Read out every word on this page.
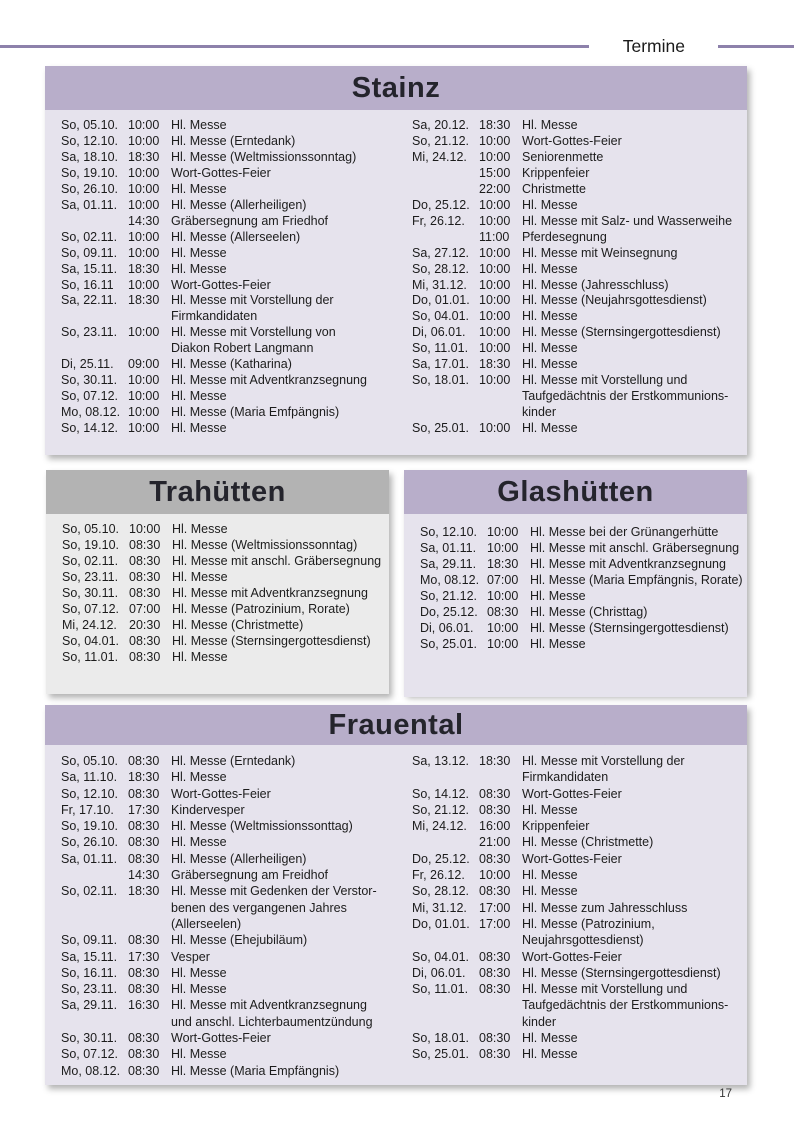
Termine
Stainz
So, 05.10. 10:00 Hl. Messe
So, 12.10. 10:00 Hl. Messe (Erntedank)
Sa, 18.10. 18:30 Hl. Messe (Weltmissionssonntag)
So, 19.10. 10:00 Wort-Gottes-Feier
So, 26.10. 10:00 Hl. Messe
Sa, 01.11. 10:00 Hl. Messe (Allerheiligen)
14:30 Gräbersegnung am Friedhof
So, 02.11. 10:00 Hl. Messe (Allerseelen)
So, 09.11. 10:00 Hl. Messe
Sa, 15.11. 18:30 Hl. Messe
So, 16.11	10:00 Wort-Gottes-Feier
Sa, 22.11. 18:30 Hl. Messe mit Vorstellung der
Firmkandidaten
So, 23.11. 10:00 Hl. Messe mit Vorstellung von
Diakon Robert Langmann
Di, 25.11.	09:00 Hl. Messe (Katharina)
So, 30.11. 10:00 Hl. Messe mit Adventkranzsegnung
So, 07.12. 10:00 Hl. Messe
Mo, 08.12. 10:00 Hl. Messe (Maria Emfpängnis)
So, 14.12. 10:00 Hl. Messe
Sa, 20.12. 18:30 Hl. Messe
So, 21.12. 10:00 Wort-Gottes-Feier
Mi, 24.12. 10:00 Seniorenmette
15:00 Krippenfeier
22:00 Christmette
Do, 25.12. 10:00 Hl. Messe
Fr, 26.12.	10:00 Hl. Messe mit Salz- und Wasserweihe
11:00	Pferdesegnung
Sa, 27.12. 10:00 Hl. Messe mit Weinsegnung
So, 28.12. 10:00 Hl. Messe
Mi, 31.12. 10:00 Hl. Messe (Jahresschluss)
Do, 01.01. 10:00 Hl. Messe (Neujahrsgottesdienst)
So, 04.01. 10:00 Hl. Messe
Di, 06.01.	10:00 Hl. Messe (Sternsingergottesdienst)
So, 11.01. 10:00 Hl. Messe
Sa, 17.01. 18:30 Hl. Messe
So, 18.01. 10:00 Hl. Messe mit Vorstellung und
Taufgedächtnis der Erstkommunions-
kinder
So, 25.01. 10:00 Hl. Messe
Trahütten
So, 05.10. 10:00 Hl. Messe
So, 19.10. 08:30 Hl. Messe (Weltmissionssonntag)
So, 02.11. 08:30 Hl. Messe mit anschl. Gräbersegnung
So, 23.11. 08:30 Hl. Messe
So, 30.11. 08:30 Hl. Messe mit Adventkranzsegnung
So, 07.12. 07:00 Hl. Messe (Patrozinium, Rorate)
Mi, 24.12. 20:30 Hl. Messe (Christmette)
So, 04.01. 08:30 Hl. Messe (Sternsingergottesdienst)
So, 11.01. 08:30 Hl. Messe
Glashütten
So, 12.10. 10:00 Hl. Messe bei der Grünangerhütte
Sa, 01.11. 10:00 Hl. Messe mit anschl. Gräbersegnung
Sa, 29.11. 18:30 Hl. Messe mit Adventkranzsegnung
Mo, 08.12. 07:00 Hl. Messe (Maria Empfängnis, Rorate)
So, 21.12. 10:00 Hl. Messe
Do, 25.12. 08:30 Hl. Messe (Christtag)
Di, 06.01.	10:00 Hl. Messe (Sternsingergottesdienst)
So, 25.01. 10:00 Hl. Messe
Frauental
So, 05.10. 08:30 Hl. Messe (Erntedank)
Sa, 11.10. 18:30 Hl. Messe
So, 12.10. 08:30 Wort-Gottes-Feier
Fr, 17.10.	17:30 Kindervesper
So, 19.10. 08:30 Hl. Messe (Weltmissionssonttag)
So, 26.10. 08:30 Hl. Messe
Sa, 01.11. 08:30 Hl. Messe (Allerheiligen)
14:30 Gräbersegnung am Freidhof
So, 02.11. 18:30 Hl. Messe mit Gedenken der Verstor-
benen des vergangenen Jahres
(Allerseelen)
So, 09.11. 08:30 Hl. Messe (Ehejubiläum)
Sa, 15.11. 17:30 Vesper
So, 16.11. 08:30 Hl. Messe
So, 23.11. 08:30 Hl. Messe
Sa, 29.11. 16:30 Hl. Messe mit Adventkranzsegnung
und anschl. Lichterbaumentzündung
So, 30.11. 08:30 Wort-Gottes-Feier
So, 07.12. 08:30 Hl. Messe
Mo, 08.12. 08:30 Hl. Messe (Maria Empfängnis)
Sa, 13.12. 18:30 Hl. Messe mit Vorstellung der
Firmkandidaten
So, 14.12. 08:30 Wort-Gottes-Feier
So, 21.12. 08:30 Hl. Messe
Mi, 24.12. 16:00 Krippenfeier
21:00 Hl. Messe (Christmette)
Do, 25.12. 08:30 Wort-Gottes-Feier
Fr, 26.12.	10:00 Hl. Messe
So, 28.12. 08:30 Hl. Messe
Mi, 31.12. 17:00 Hl. Messe zum Jahresschluss
Do, 01.01. 17:00 Hl. Messe (Patrozinium,
Neujahrsgottesdienst)
So, 04.01. 08:30 Wort-Gottes-Feier
Di, 06.01.	08:30 Hl. Messe (Sternsingergottesdienst)
So, 11.01. 08:30 Hl. Messe mit Vorstellung und
Taufgedächtnis der Erstkommunions-
kinder
So, 18.01. 08:30 Hl. Messe
So, 25.01. 08:30 Hl. Messe
17
